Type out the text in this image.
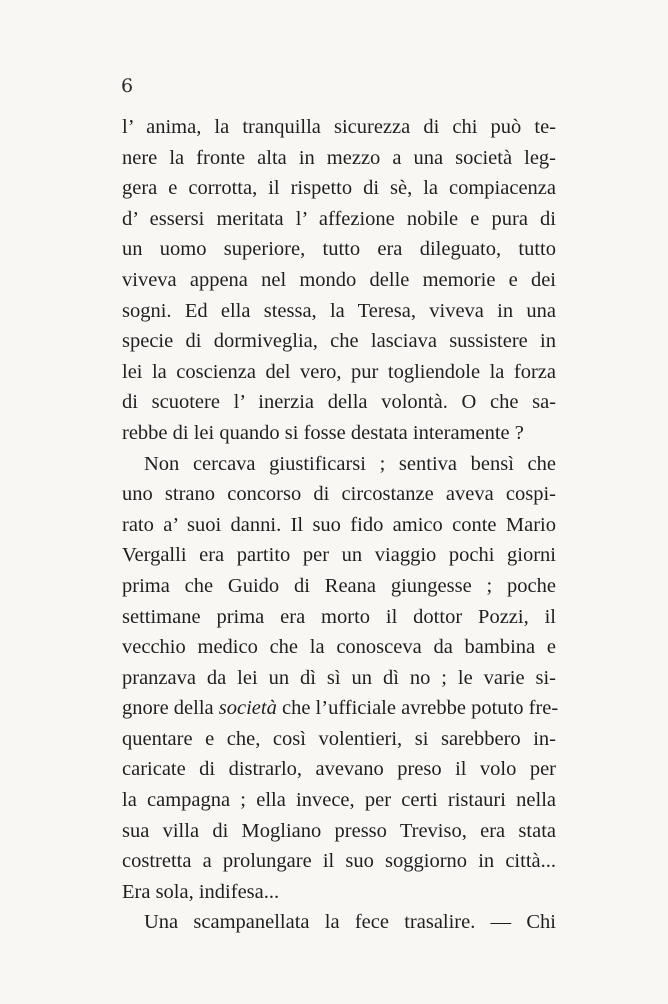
6
l’ anima, la tranquilla sicurezza di chi può te-
nere la fronte alta in mezzo a una società leg-
gera e corrotta, il rispetto di sè, la compiacenza
d’ essersi meritata l’ affezione nobile e pura di
un uomo superiore, tutto era dileguato, tutto
viveva appena nel mondo delle memorie e dei
sogni. Ed ella stessa, la Teresa, viveva in una
specie di dormiveglia, che lasciava sussistere in
lei la coscienza del vero, pur togliendole la forza
di scuotere l’ inerzia della volontà. O che sa-
rebbe di lei quando si fosse destata interamente ?
Non cercava giustificarsi ; sentiva bensì che
uno strano concorso di circostanze aveva cospi-
rato a’ suoi danni. Il suo fido amico conte Mario
Vergalli era partito per un viaggio pochi giorni
prima che Guido di Reana giungesse ; poche
settimane prima era morto il dottor Pozzi, il
vecchio medico che la conosceva da bambina e
pranzava da lei un dì sì un dì no ; le varie si-
gnore della società che l’ufficiale avrebbe potuto fre-
quentare e che, così volentieri, si sarebbero in-
caricate di distrarlo, avevano preso il volo per
la campagna ; ella invece, per certi ristauri nella
sua villa di Mogliano presso Treviso, era stata
costretta a prolungare il suo soggiorno in città...
Era sola, indifesa...
Una scampanellata la fece trasalire. — Chi
